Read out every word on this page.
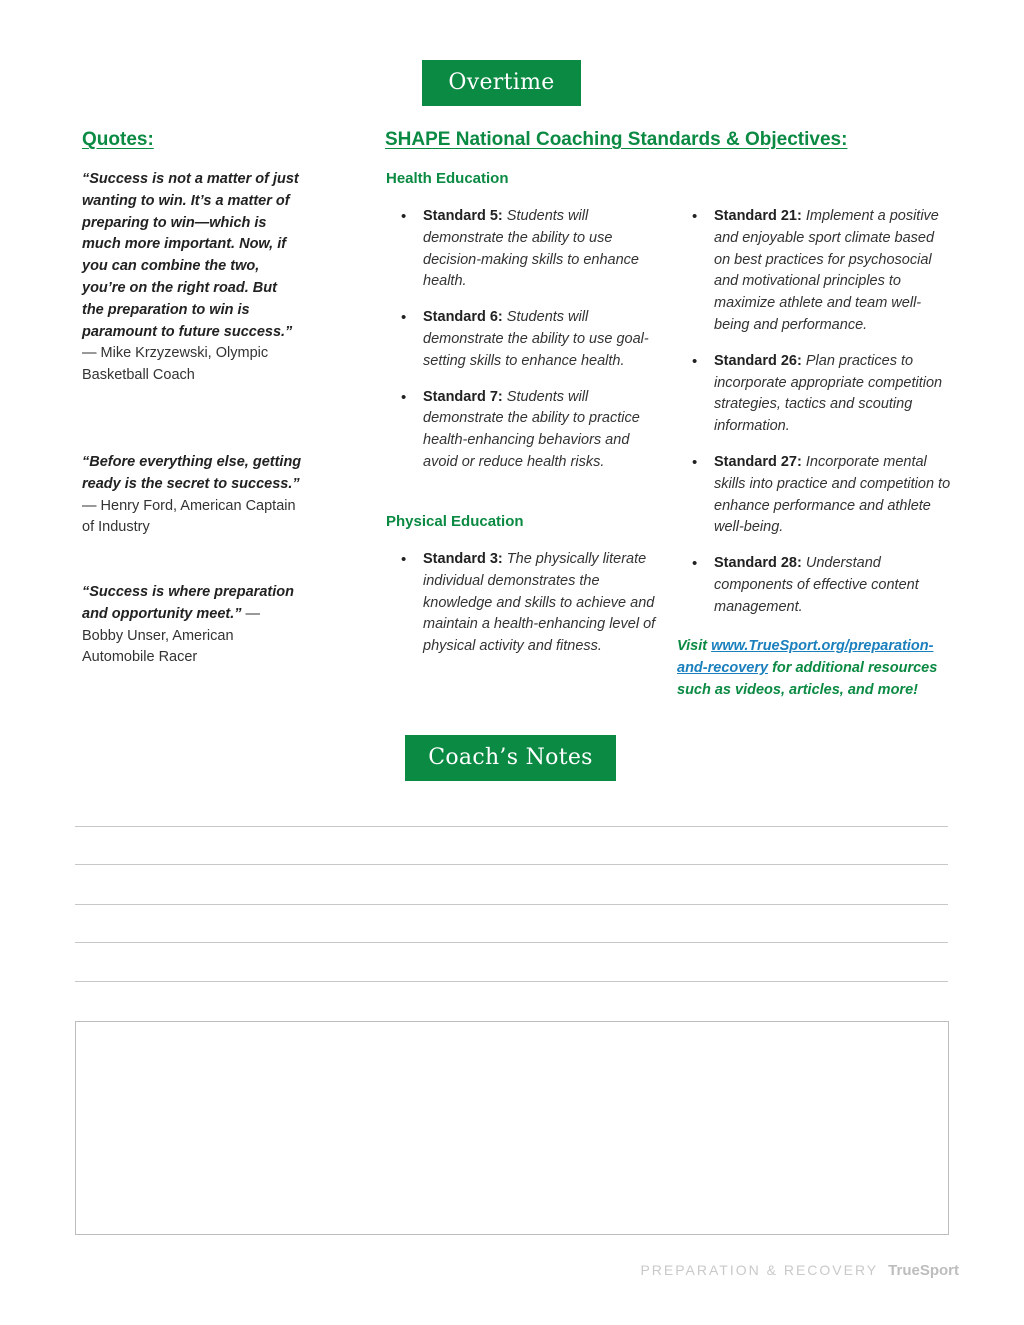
Overtime
Quotes:
“Success is not a matter of just wanting to win. It’s a matter of preparing to win—which is much more important. Now, if you can combine the two, you’re on the right road. But the preparation to win is paramount to future success.”
— Mike Krzyzewski, Olympic Basketball Coach
“Before everything else, getting ready is the secret to success.”
— Henry Ford, American Captain of Industry
“Success is where preparation and opportunity meet.” — Bobby Unser, American Automobile Racer
SHAPE National Coaching Standards & Objectives:
Health Education
• Standard 5: Students will demonstrate the ability to use decision-making skills to enhance health.
• Standard 6: Students will demonstrate the ability to use goal-setting skills to enhance health.
• Standard 7: Students will demonstrate the ability to practice health-enhancing behaviors and avoid or reduce health risks.
Physical Education
• Standard 3: The physically literate individual demonstrates the knowledge and skills to achieve and maintain a health-enhancing level of physical activity and fitness.
• Standard 21: Implement a positive and enjoyable sport climate based on best practices for psychosocial and motivational principles to maximize athlete and team well-being and performance.
• Standard 26: Plan practices to incorporate appropriate competition strategies, tactics and scouting information.
• Standard 27: Incorporate mental skills into practice and competition to enhance performance and athlete well-being.
• Standard 28: Understand components of effective content management.
Visit www.TrueSport.org/preparation-and-recovery for additional resources such as videos, articles, and more!
Coach’s Notes
PREPARATION & RECOVERY TrueSport
